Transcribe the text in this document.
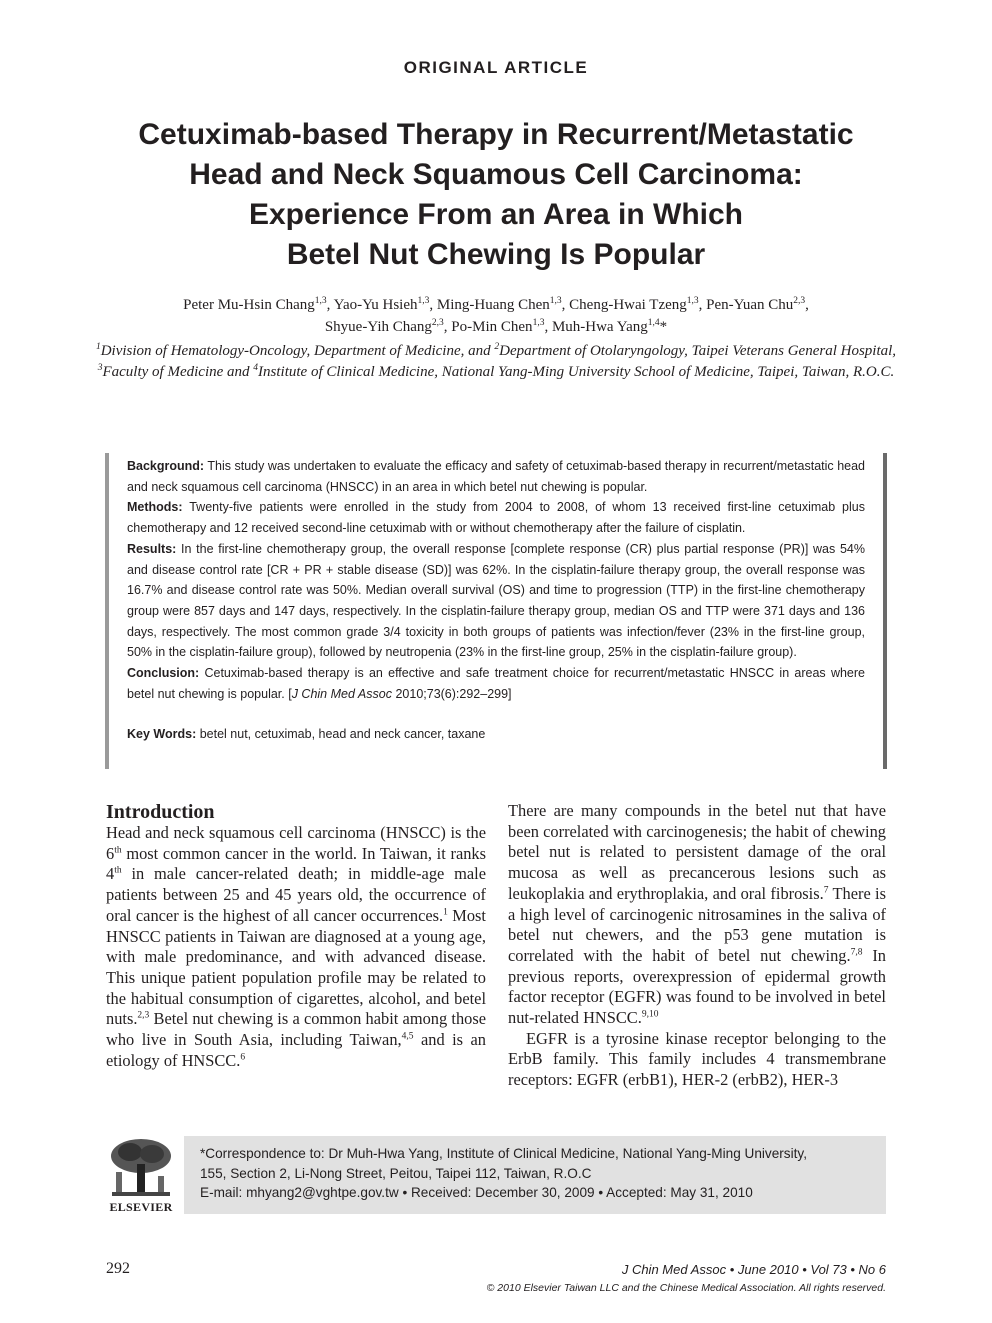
ORIGINAL ARTICLE
Cetuximab-based Therapy in Recurrent/Metastatic
Head and Neck Squamous Cell Carcinoma:
Experience From an Area in Which
Betel Nut Chewing Is Popular
Peter Mu-Hsin Chang$^{1,3}$, Yao-Yu Hsieh$^{1,3}$, Ming-Huang Chen$^{1,3}$, Cheng-Hwai Tzeng$^{1,3}$, Pen-Yuan Chu$^{2,3}$,
Shyue-Yih Chang$^{2,3}$, Po-Min Chen$^{1,3}$, Muh-Hwa Yang$^{1,4}$*
$^1$Division of Hematology-Oncology, Department of Medicine, and $^2$Department of Otolaryngology, Taipei Veterans General Hospital, $^3$Faculty of Medicine and $^4$Institute of Clinical Medicine, National Yang-Ming University School of Medicine, Taipei, Taiwan, R.O.C.

Background: This study was undertaken to evaluate the efficacy and safety of cetuximab-based therapy in recurrent/metastatic head and neck squamous cell carcinoma (HNSCC) in an area in which betel nut chewing is popular.

Methods: Twenty-five patients were enrolled in the study from 2004 to 2008, of whom 13 received first-line cetuximab plus chemotherapy and 12 received second-line cetuximab with or without chemotherapy after the failure of cisplatin.

Results: In the first-line chemotherapy group, the overall response [complete response (CR) plus partial response (PR)] was 54% and disease control rate [CR + PR + stable disease (SD)] was 62%. In the cisplatin-failure therapy group, the overall response was 16.7% and disease control rate was 50%. Median overall survival (OS) and time to progression (TTP) in the first-line chemotherapy group were 857 days and 147 days, respectively. In the cisplatin-failure therapy group, median OS and TTP were 371 days and 136 days, respectively. The most common grade 3/4 toxicity in both groups of patients was infection/fever (23% in the first-line group, 50% in the cisplatin-failure group), followed by neutropenia (23% in the first-line group, 25% in the cisplatin-failure group).

Conclusion: Cetuximab-based therapy is an effective and safe treatment choice for recurrent/metastatic HNSCC in areas where betel nut chewing is popular. [J Chin Med Assoc 2010;73(6):292–299]

Key Words: betel nut, cetuximab, head and neck cancer, taxane

Introduction

Head and neck squamous cell carcinoma (HNSCC) is the 6th most common cancer in the world. In Taiwan, it ranks 4th in male cancer-related death; in middle-age male patients between 25 and 45 years old, the occurrence of oral cancer is the highest of all cancer occurrences.$^1$ Most HNSCC patients in Taiwan are diagnosed at a young age, with male predominance, and with advanced disease. This unique patient population profile may be related to the habitual consumption of cigarettes, alcohol, and betel nuts.$^{2,3}$ Betel nut chewing is a common habit among those who live in South Asia, including Taiwan,$^{4,5}$ and is an etiology of HNSCC.$^6$

There are many compounds in the betel nut that have been correlated with carcinogenesis; the habit of chewing betel nut is related to persistent damage of the oral mucosa as well as precancerous lesions such as leukoplakia and erythroplakia, and oral fibrosis.$^7$ There is a high level of carcinogenic nitrosamines in the saliva of betel nut chewers, and the p53 gene mutation is correlated with the habit of betel nut chewing.$^{7,8}$ In previous reports, overexpression of epidermal growth factor receptor (EGFR) was found to be involved in betel nut-related HNSCC.$^{9,10}$

EGFR is a tyrosine kinase receptor belonging to the ErbB family. This family includes 4 transmembrane receptors: EGFR (erbB1), HER-2 (erbB2), HER-3

ELSEVIER
*Correspondence to: Dr Muh-Hwa Yang, Institute of Clinical Medicine, National Yang-Ming University,
155, Section 2, Li-Nong Street, Peitou, Taipei 112, Taiwan, R.O.C
E-mail: mhyang2@vghtpe.gov.tw • Received: December 30, 2009 • Accepted: May 31, 2010
292	J Chin Med Assoc • June 2010 • Vol 73 • No 6
© 2010 Elsevier Taiwan LLC and the Chinese Medical Association. All rights reserved.
